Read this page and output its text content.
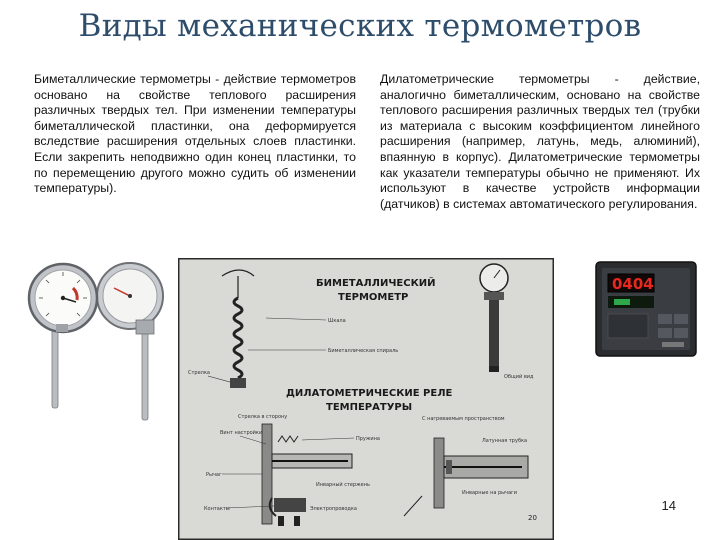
Виды механических термометров

Биметаллические термометры - действие термометров основано на свойстве теплового расширения различных твердых тел. При изменении температуры биметаллической пластинки, она деформируется вследствие расширения отдельных слоев пластинки. Если закрепить неподвижно один конец пластинки, то по перемещению другого можно судить об изменении температуры).

Дилатометрические термометры - действие, аналогично биметаллическим, основано на свойстве теплового расширения различных твердых тел (трубки из материала с высоким коэффициентом линейного расширения (например, латунь, медь, алюминий), впаянную в корпус). Дилатометрические термометры как указатели температуры обычно не применяют. Их используют в качестве устройств информации (датчиков) в системах автоматического регулирования.

БИМЕТАЛЛИЧЕСКИЙ
ТЕРМОМЕТР
Шкала
Биметаллическая спираль
Стрелка
Общий вид
ДИЛАТОМЕТРИЧЕСКИЕ РЕЛЕ
ТЕМПЕРАТУРЫ
Стрелка в сторону
Винт настройки
Рычаг
Контакты
Пружина
Инварный стержень
Электропроводка
С нагреваемым пространством
Латунная трубка
Инварные на рычаги
20
0404
14
